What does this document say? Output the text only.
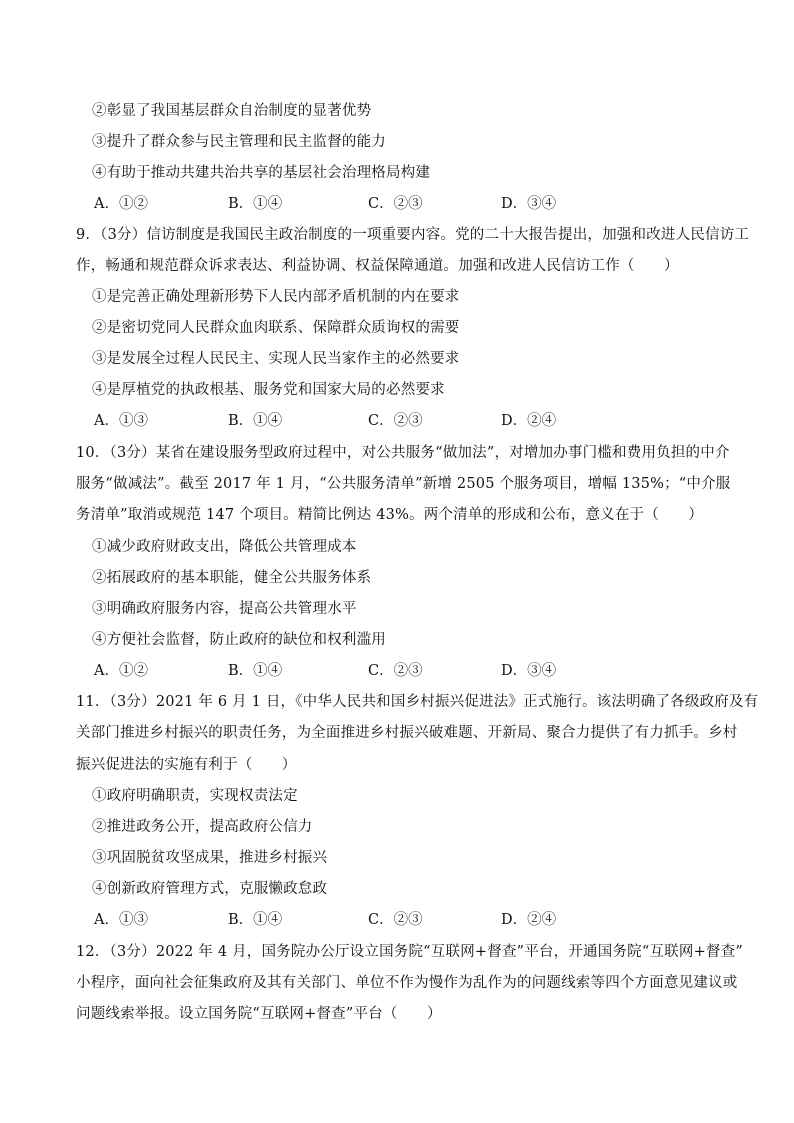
②彰显了我国基层群众自治制度的显著优势
③提升了群众参与民主管理和民主监督的能力
④有助于推动共建共治共享的基层社会治理格局构建
A．①②	B．①④	C．②③	D．③④
9．（3分）信访制度是我国民主政治制度的一项重要内容。党的二十大报告提出，加强和改进人民信访工
作，畅通和规范群众诉求表达、利益协调、权益保障通道。加强和改进人民信访工作（　　）
①是完善正确处理新形势下人民内部矛盾机制的内在要求
②是密切党同人民群众血肉联系、保障群众质询权的需要
③是发展全过程人民民主、实现人民当家作主的必然要求
④是厚植党的执政根基、服务党和国家大局的必然要求
A．①③	B．①④	C．②③	D．②④
10．（3分）某省在建设服务型政府过程中，对公共服务“做加法”，对增加办事门槛和费用负担的中介
服务“做减法”。截至 2017 年 1 月，“公共服务清单”新增 2505 个服务项目，增幅 135%；“中介服
务清单”取消或规范 147 个项目。精简比例达 43%。两个清单的形成和公布，意义在于（　　）
①减少政府财政支出，降低公共管理成本
②拓展政府的基本职能，健全公共服务体系
③明确政府服务内容，提高公共管理水平
④方便社会监督，防止政府的缺位和权利滥用
A．①②	B．①④	C．②③	D．③④
11．（3分）2021 年 6 月 1 日，《中华人民共和国乡村振兴促进法》正式施行。该法明确了各级政府及有
关部门推进乡村振兴的职责任务，为全面推进乡村振兴破难题、开新局、聚合力提供了有力抓手。乡村
振兴促进法的实施有利于（　　）
①政府明确职责，实现权责法定
②推进政务公开，提高政府公信力
③巩固脱贫攻坚成果，推进乡村振兴
④创新政府管理方式，克服懒政怠政
A．①③	B．①④	C．②③	D．②④
12．（3分）2022 年 4 月，国务院办公厅设立国务院“互联网+督查”平台，开通国务院“互联网+督查”
小程序，面向社会征集政府及其有关部门、单位不作为慢作为乱作为的问题线索等四个方面意见建议或
问题线索举报。设立国务院“互联网+督查”平台（　　）
